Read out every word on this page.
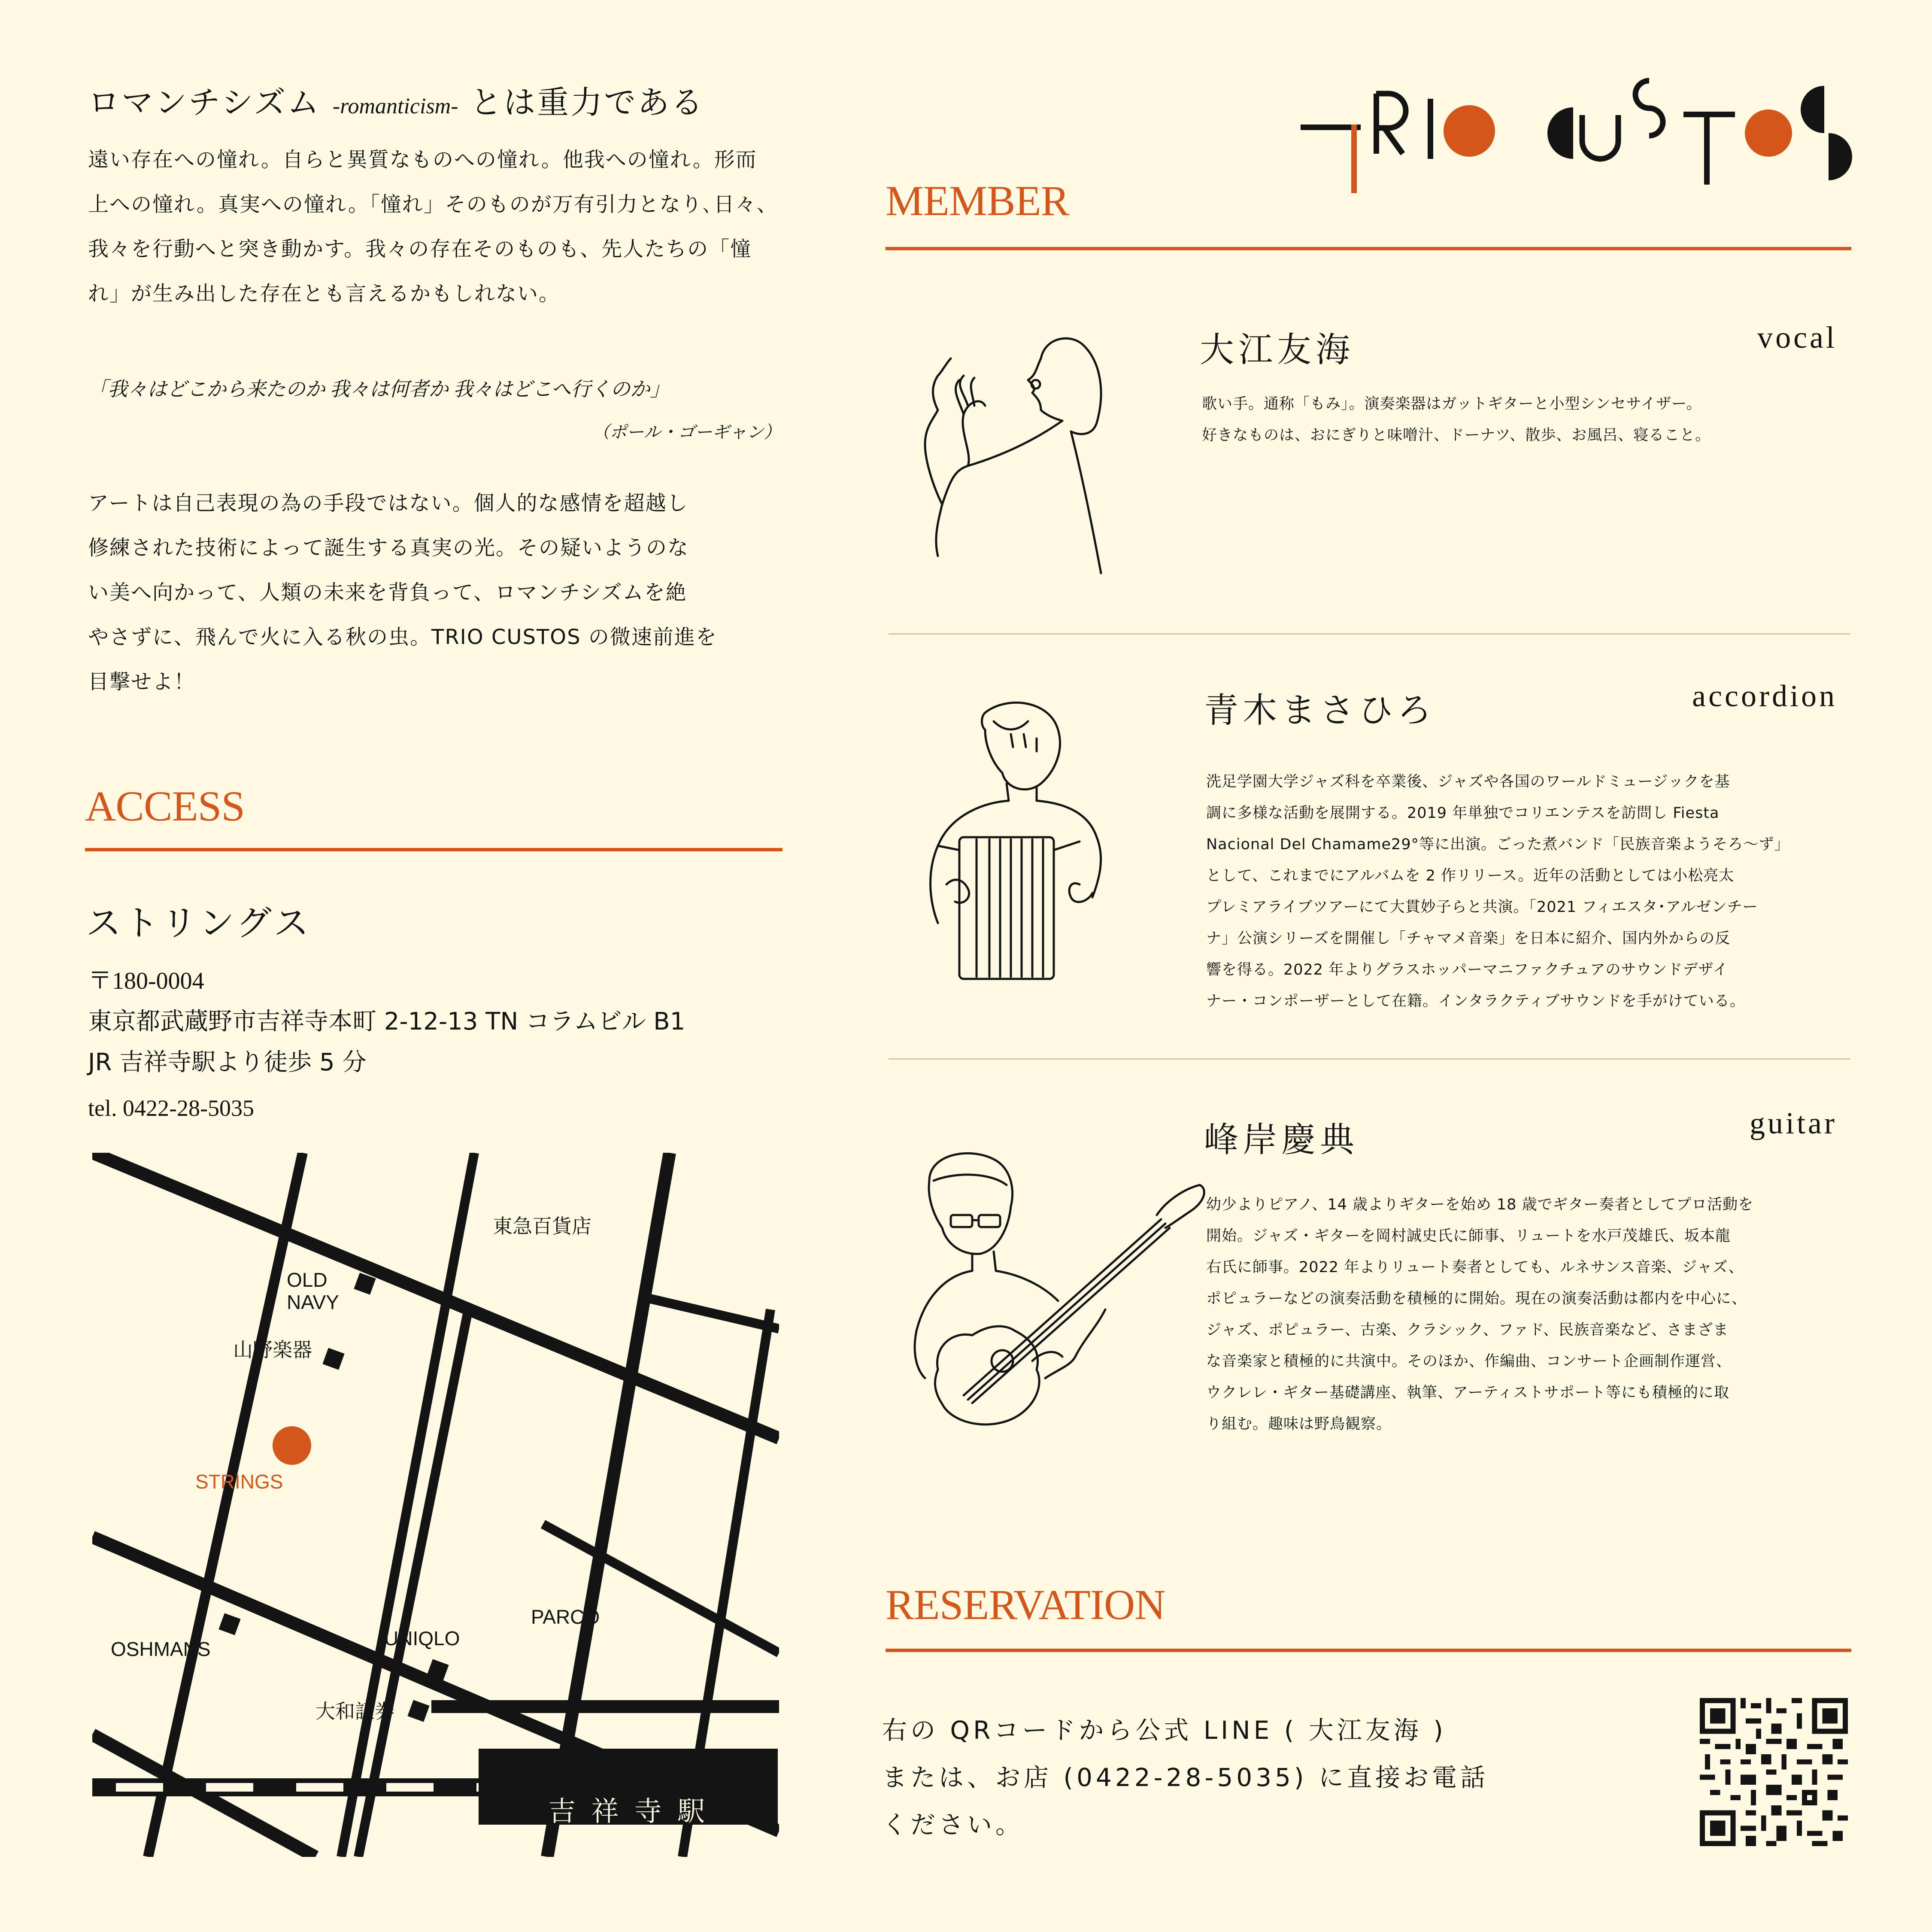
ロマンチシズム -romanticism- とは重力である
遠い存在への憧れ。自らと異質なものへの憧れ。他我への憧れ。形而
上への憧れ。真実への憧れ。「憧れ」そのものが万有引力となり､日々、
我々を行動へと突き動かす。我々の存在そのものも、先人たちの「憧
れ」が生み出した存在とも言えるかもしれない。
「我々はどこから来たのか 我々は何者か 我々はどこへ行くのか」
（ポール・ゴーギャン）
アートは自己表現の為の手段ではない。個人的な感情を超越し
修練された技術によって誕生する真実の光。その疑いようのな
い美へ向かって、人類の未来を背負って、ロマンチシズムを絶
やさずに、飛んで火に入る秋の虫。TRIO CUSTOS の微速前進を
目撃せよ！
ACCESS
ストリングス
〒180-0004
東京都武蔵野市吉祥寺本町 2-12-13 TN コラムビル B1
JR 吉祥寺駅より徒歩 5 分
tel. 0422-28-5035
東急百貨店
OLD
NAVY
山野楽器
STRINGS
OSHMANS	UNIQLO
PARCO
大和証券
吉 祥 寺 駅
MEMBER
大江友海	vocal
歌い手。通称「もみ」。演奏楽器はガットギターと小型シンセサイザー。
好きなものは、おにぎりと味噌汁、ドーナツ、散歩、お風呂、寝ること。
青木まさひろ	accordion
洗足学園大学ジャズ科を卒業後、ジャズや各国のワールドミュージックを基
調に多様な活動を展開する。2019 年単独でコリエンテスを訪問し Fiesta
Nacional Del Chamame29°等に出演。ごった煮バンド「民族音楽ようそろ〜ず」
として、これまでにアルバムを 2 作リリース。近年の活動としては小松亮太
プレミアライブツアーにて大貫妙子らと共演。｢2021 フィエスタ･アルゼンチー
ナ」公演シリーズを開催し「チャマメ音楽」を日本に紹介、国内外からの反
響を得る。2022 年よりグラスホッパーマニファクチュアのサウンドデザイ
ナー・コンポーザーとして在籍。インタラクティブサウンドを手がけている。
峰岸慶典	guitar
幼少よりピアノ、14 歳よりギターを始め 18 歳でギター奏者としてプロ活動を
開始。ジャズ・ギターを岡村誠史氏に師事、リュートを水戸茂雄氏、坂本龍
右氏に師事。2022 年よりリュート奏者としても、ルネサンス音楽、ジャズ、
ポピュラーなどの演奏活動を積極的に開始。現在の演奏活動は都内を中心に、
ジャズ、ポピュラー、古楽、クラシック、ファド、民族音楽など、さまざま
な音楽家と積極的に共演中。そのほか、作編曲、コンサート企画制作運営、
ウクレレ・ギター基礎講座、執筆、アーティストサポート等にも積極的に取
り組む。趣味は野鳥観察。
RESERVATION
右の QRコードから公式 LINE ( 大江友海 )
または、お店 (0422-28-5035) に直接お電話
ください。
